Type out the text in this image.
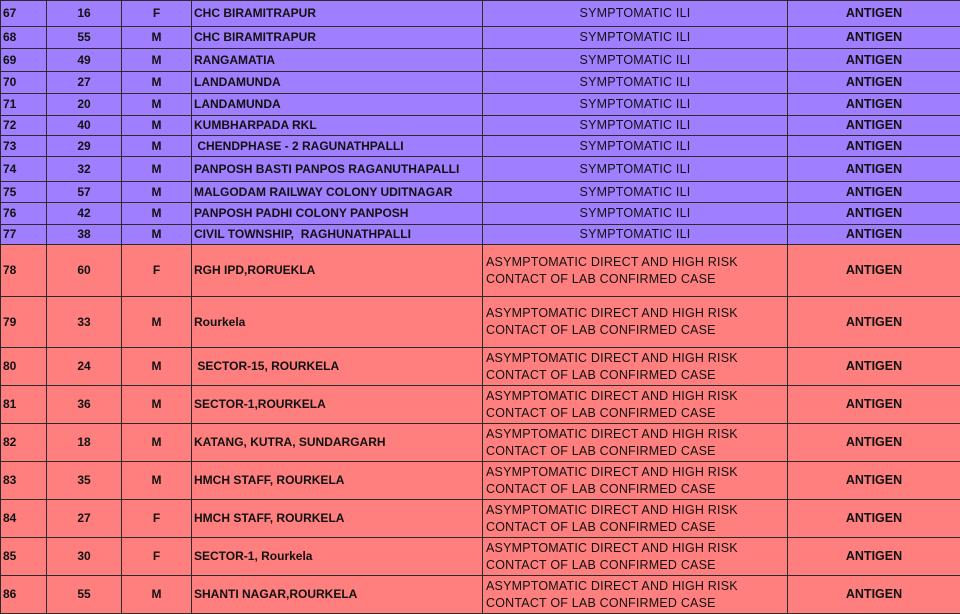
67	16	F	CHC BIRAMITRAPUR	SYMPTOMATIC ILI	ANTIGEN
68	55	M	CHC BIRAMITRAPUR	SYMPTOMATIC ILI	ANTIGEN
69	49	M	RANGAMATIA	SYMPTOMATIC ILI	ANTIGEN
70	27	M	LANDAMUNDA	SYMPTOMATIC ILI	ANTIGEN
71	20	M	LANDAMUNDA	SYMPTOMATIC ILI	ANTIGEN
72	40	M	KUMBHARPADA RKL	SYMPTOMATIC ILI	ANTIGEN
73	29	M	CHENDPHASE - 2 RAGUNATHPALLI	SYMPTOMATIC ILI	ANTIGEN
74	32	M	PANPOSH BASTI PANPOS RAGANUTHAPALLI	SYMPTOMATIC ILI	ANTIGEN
75	57	M	MALGODAM RAILWAY COLONY UDITNAGAR	SYMPTOMATIC ILI	ANTIGEN
76	42	M	PANPOSH PADHI COLONY PANPOSH	SYMPTOMATIC ILI	ANTIGEN
77	38	M	CIVIL TOWNSHIP,  RAGHUNATHPALLI	SYMPTOMATIC ILI	ANTIGEN
78	60	F	RGH IPD,RORUEKLA	ASYMPTOMATIC DIRECT AND HIGH RISK
CONTACT OF LAB CONFIRMED CASE	ANTIGEN
79	33	M	Rourkela	ASYMPTOMATIC DIRECT AND HIGH RISK
CONTACT OF LAB CONFIRMED CASE	ANTIGEN
80	24	M	SECTOR-15, ROURKELA	ASYMPTOMATIC DIRECT AND HIGH RISK
CONTACT OF LAB CONFIRMED CASE	ANTIGEN
81	36	M	SECTOR-1,ROURKELA	ASYMPTOMATIC DIRECT AND HIGH RISK
CONTACT OF LAB CONFIRMED CASE	ANTIGEN
82	18	M	KATANG, KUTRA, SUNDARGARH	ASYMPTOMATIC DIRECT AND HIGH RISK
CONTACT OF LAB CONFIRMED CASE	ANTIGEN
83	35	M	HMCH STAFF, ROURKELA	ASYMPTOMATIC DIRECT AND HIGH RISK
CONTACT OF LAB CONFIRMED CASE	ANTIGEN
84	27	F	HMCH STAFF, ROURKELA	ASYMPTOMATIC DIRECT AND HIGH RISK
CONTACT OF LAB CONFIRMED CASE	ANTIGEN
85	30	F	SECTOR-1, Rourkela	ASYMPTOMATIC DIRECT AND HIGH RISK
CONTACT OF LAB CONFIRMED CASE	ANTIGEN
86	55	M	SHANTI NAGAR,ROURKELA	ASYMPTOMATIC DIRECT AND HIGH RISK
CONTACT OF LAB CONFIRMED CASE	ANTIGEN
